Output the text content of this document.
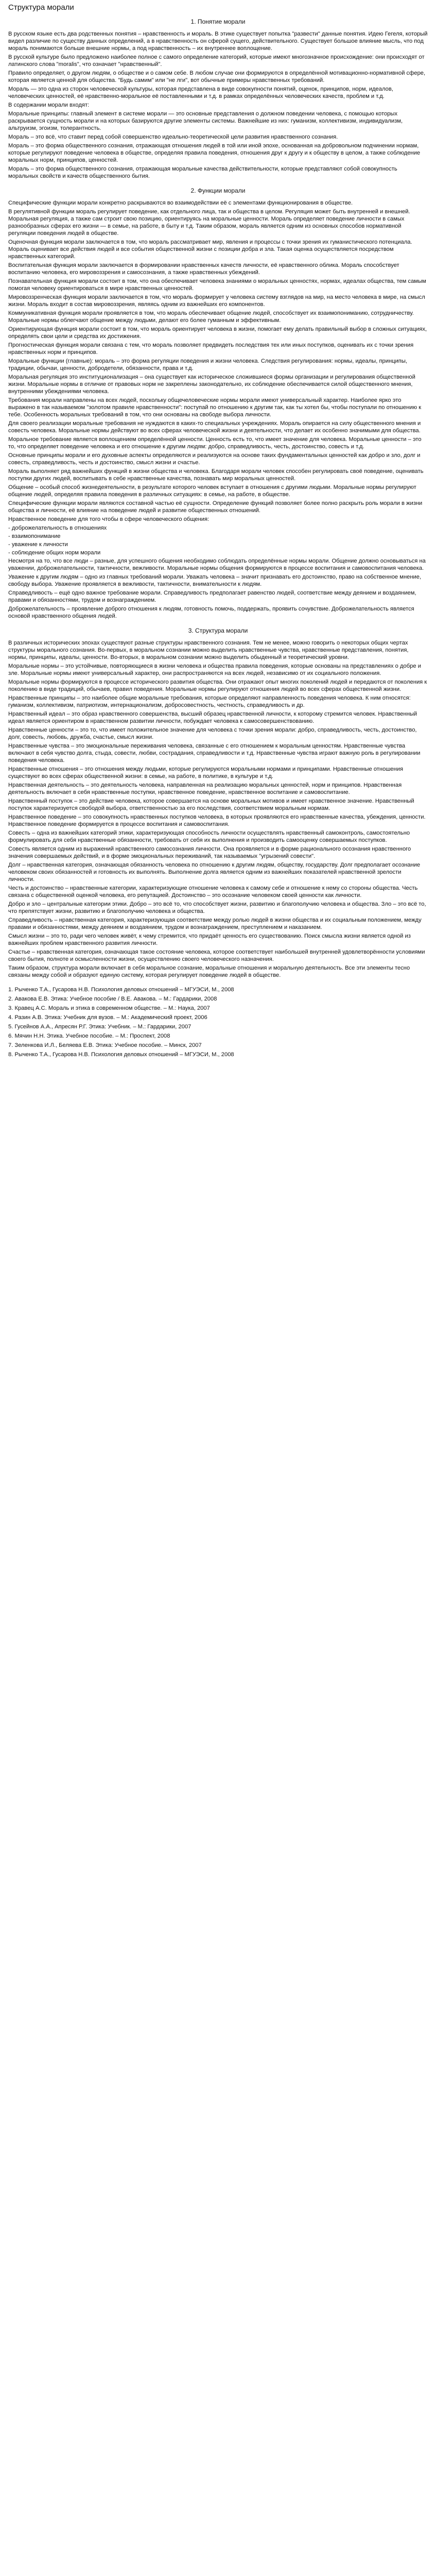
Структура морали
1. Понятие морали

В русском языке есть два родственных понятия – нравственность и мораль. В этике существует попытка "развести" данные понятия. Идею Гегеля, который видел различие по существу данных определений, а в нравственность он сферой сущего, действительного. Существует большое влияние мысль, что под мораль понимаются больше внешние нормы, а под нравственность – их внутреннее воплощение.

В русской культуре было предложено наиболее полное с самого определение категорий, которые имеют многозначное происхождение: они происходят от латинского слова "moralis", что означает "нравственный".

Правило определяет, о другом людям, о обществе и о самом себе. В любом случае они формируются в определённой мотивационно-нормативной сфере, которая является ценной для общества. "Будь самим" или "не лги", вот обычные примеры нравственных требований.

Мораль — это одна из сторон человеческой культуры, которая представлена в виде совокупности понятий, оценок, принципов, норм, идеалов, человеческих ценностей, её нравственно-моральное её поставленными и т.д. в рамках определённых человеческих качеств, проблем и т.д.

В содержании морали входят:

Моральные принципы: главный элемент в системе морали — это основные представления о должном поведении человека, с помощью которых раскрывается сущность морали и на которых базируются другие элементы системы. Важнейшие из них: гуманизм, коллективизм, индивидуализм, альтруизм, эгоизм, толерантность.

Мораль – это всё, что ставит перед собой совершенство идеально-теоретической цели развития нравственного сознания.

Мораль – это форма общественного сознания, отражающая отношения людей в той или иной эпохе, основанная на добровольном подчинении нормам, которые регулируют поведение человека в обществе, определяя правила поведения, отношения друг к другу и к обществу в целом, а также соблюдение моральных норм, принципов, ценностей.

Мораль – это форма общественного сознания, отражающая моральные качества действительности, которые представляют собой совокупность моральных свойств и качеств общественного бытия.

2. Функции морали

Специфические функции морали конкретно раскрываются во взаимодействии её с элементами функционирования в обществе.

В регулятивной функции мораль регулирует поведение, как отдельного лица, так и общества в целом. Регуляция может быть внутренней и внешней. Моральная регуляция, а также сам строит свою позицию, ориентируясь на моральные ценности. Мораль определяет поведение личности в самых разнообразных сферах его жизни — в семье, на работе, в быту и т.д. Таким образом, мораль является одним из основных способов нормативной регуляции поведения людей в обществе.

Оценочная функция морали заключается в том, что мораль рассматривает мир, явления и процессы с точки зрения их гуманистического потенциала. Мораль оценивает все действия людей и все события общественной жизни с позиции добра и зла. Такая оценка осуществляется посредством нравственных категорий.

Воспитательная функция морали заключается в формировании нравственных качеств личности, её нравственного облика. Мораль способствует воспитанию человека, его мировоззрения и самосознания, а также нравственных убеждений.

Познавательная функция морали состоит в том, что она обеспечивает человека знаниями о моральных ценностях, нормах, идеалах общества, тем самым помогая человеку ориентироваться в мире нравственных ценностей.

Мировоззренческая функция морали заключается в том, что мораль формирует у человека систему взглядов на мир, на место человека в мире, на смысл жизни. Мораль входит в состав мировоззрения, являясь одним из важнейших его компонентов.

Коммуникативная функция морали проявляется в том, что мораль обеспечивает общение людей, способствует их взаимопониманию, сотрудничеству. Моральные нормы облегчают общение между людьми, делают его более гуманным и эффективным.

Ориентирующая функция морали состоит в том, что мораль ориентирует человека в жизни, помогает ему делать правильный выбор в сложных ситуациях, определять свои цели и средства их достижения.

Прогностическая функция морали связана с тем, что мораль позволяет предвидеть последствия тех или иных поступков, оценивать их с точки зрения нравственных норм и принципов.

Моральные функции (главные): мораль – это форма регуляции поведения и жизни человека. Следствия регулирования: нормы, идеалы, принципы, традиции, обычаи, ценности, добродетели, обязанности, права и т.д.

Моральная регуляция это институционализация – она существует как историческое сложившиеся формы организации и регулирования общественной жизни. Моральные нормы в отличие от правовых норм не закреплены законодательно, их соблюдение обеспечивается силой общественного мнения, внутренними убеждениями человека.

Требования морали направлены на всех людей, поскольку общечеловеческие нормы морали имеют универсальный характер. Наиболее ярко это выражено в так называемом "золотом правиле нравственности": поступай по отношению к другим так, как ты хотел бы, чтобы поступали по отношению к тебе. Особенность моральных требований в том, что они основаны на свободе выбора личности.

Для своего реализации моральные требования не нуждаются в каких-то специальных учреждениях. Мораль опирается на силу общественного мнения и совесть человека. Моральные нормы действуют во всех сферах человеческой жизни и деятельности, что делает их особенно значимыми для общества.

Моральное требование является воплощением определённой ценности. Ценность есть то, что имеет значение для человека. Моральные ценности – это то, что определяет поведение человека и его отношение к другим людям: добро, справедливость, честь, достоинство, совесть и т.д.

Основные принципы морали и его духовные аспекты определяются и реализуются на основе таких фундаментальных ценностей как добро и зло, долг и совесть, справедливость, честь и достоинство, смысл жизни и счастье.

Мораль выполняет ряд важнейших функций в жизни общества и человека. Благодаря морали человек способен регулировать своё поведение, оценивать поступки других людей, воспитывать в себе нравственные качества, познавать мир моральных ценностей.

Общение – особый способ жизнедеятельности, в результате которого человек вступает в отношения с другими людьми. Моральные нормы регулируют общение людей, определяя правила поведения в различных ситуациях: в семье, на работе, в обществе.

Специфические функции морали являются составной частью её сущности. Определение функций позволяет более полно раскрыть роль морали в жизни общества и личности, её влияние на поведение людей и развитие общественных отношений.

Нравственное поведение для того чтобы в сфере человеческого общения:

- доброжелательность в отношениях

- взаимопонимание

- уважение к личности

- соблюдение общих норм морали

Несмотря на то, что все люди – разные, для успешного общения необходимо соблюдать определённые нормы морали. Общение должно основываться на уважении, доброжелательности, тактичности, вежливости. Моральные нормы общения формируются в процессе воспитания и самовоспитания человека.

Уважение к другим людям – одно из главных требований морали. Уважать человека – значит признавать его достоинство, право на собственное мнение, свободу выбора. Уважение проявляется в вежливости, тактичности, внимательности к людям.

Справедливость – ещё одно важное требование морали. Справедливость предполагает равенство людей, соответствие между деянием и воздаянием, правами и обязанностями, трудом и вознаграждением.

Доброжелательность – проявление доброго отношения к людям, готовность помочь, поддержать, проявить сочувствие. Доброжелательность является основой нравственного общения людей.

3. Структура морали

В различных исторических эпохах существуют разные структуры нравственного сознания. Тем не менее, можно говорить о некоторых общих чертах структуры морального сознания. Во-первых, в моральном сознании можно выделить нравственные чувства, нравственные представления, понятия, нормы, принципы, идеалы, ценности. Во-вторых, в моральном сознании можно выделить обыденный и теоретический уровни.

Моральные нормы – это устойчивые, повторяющиеся в жизни человека и общества правила поведения, которые основаны на представлениях о добре и зле. Моральные нормы имеют универсальный характер, они распространяются на всех людей, независимо от их социального положения.

Моральные нормы формируются в процессе исторического развития общества. Они отражают опыт многих поколений людей и передаются от поколения к поколению в виде традиций, обычаев, правил поведения. Моральные нормы регулируют отношения людей во всех сферах общественной жизни.

Нравственные принципы – это наиболее общие моральные требования, которые определяют направленность поведения человека. К ним относятся: гуманизм, коллективизм, патриотизм, интернационализм, добросовестность, честность, справедливость и др.

Нравственный идеал – это образ нравственного совершенства, высший образец нравственной личности, к которому стремится человек. Нравственный идеал является ориентиром в нравственном развитии личности, побуждает человека к самосовершенствованию.

Нравственные ценности – это то, что имеет положительное значение для человека с точки зрения морали: добро, справедливость, честь, достоинство, долг, совесть, любовь, дружба, счастье, смысл жизни.

Нравственные чувства – это эмоциональные переживания человека, связанные с его отношением к моральным ценностям. Нравственные чувства включают в себя чувство долга, стыда, совести, любви, сострадания, справедливости и т.д. Нравственные чувства играют важную роль в регулировании поведения человека.

Нравственные отношения – это отношения между людьми, которые регулируются моральными нормами и принципами. Нравственные отношения существуют во всех сферах общественной жизни: в семье, на работе, в политике, в культуре и т.д.

Нравственная деятельность – это деятельность человека, направленная на реализацию моральных ценностей, норм и принципов. Нравственная деятельность включает в себя нравственные поступки, нравственное поведение, нравственное воспитание и самовоспитание.

Нравственный поступок – это действие человека, которое совершается на основе моральных мотивов и имеет нравственное значение. Нравственный поступок характеризуется свободой выбора, ответственностью за его последствия, соответствием моральным нормам.

Нравственное поведение – это совокупность нравственных поступков человека, в которых проявляются его нравственные качества, убеждения, ценности. Нравственное поведение формируется в процессе воспитания и самовоспитания.

Совесть – одна из важнейших категорий этики, характеризующая способность личности осуществлять нравственный самоконтроль, самостоятельно формулировать для себя нравственные обязанности, требовать от себя их выполнения и производить самооценку совершаемых поступков.

Совесть является одним из выражений нравственного самосознания личности. Она проявляется и в форме рационального осознания нравственного значения совершаемых действий, и в форме эмоциональных переживаний, так называемых "угрызений совести".

Долг – нравственная категория, означающая обязанность человека по отношению к другим людям, обществу, государству. Долг предполагает осознание человеком своих обязанностей и готовность их выполнять. Выполнение долга является одним из важнейших показателей нравственной зрелости личности.

Честь и достоинство – нравственные категории, характеризующие отношение человека к самому себе и отношение к нему со стороны общества. Честь связана с общественной оценкой человека, его репутацией. Достоинство – это осознание человеком своей ценности как личности.

Добро и зло – центральные категории этики. Добро – это всё то, что способствует жизни, развитию и благополучию человека и общества. Зло – это всё то, что препятствует жизни, развитию и благополучию человека и общества.

Справедливость – нравственная категория, характеризующая соответствие между ролью людей в жизни общества и их социальным положением, между правами и обязанностями, между деянием и воздаянием, трудом и вознаграждением, преступлением и наказанием.

Смысл жизни – это то, ради чего человек живёт, к чему стремится, что придаёт ценность его существованию. Поиск смысла жизни является одной из важнейших проблем нравственного развития личности.

Счастье – нравственная категория, означающая такое состояние человека, которое соответствует наибольшей внутренней удовлетворённости условиями своего бытия, полноте и осмысленности жизни, осуществлению своего человеческого назначения.

Таким образом, структура морали включает в себя моральное сознание, моральные отношения и моральную деятельность. Все эти элементы тесно связаны между собой и образуют единую систему, которая регулирует поведение людей в обществе.

1. Рыченко Т.А., Гусарова Н.В. Психология деловых отношений – МГУЭСИ, М., 2008

2. Авакова Е.В. Этика: Учебное пособие / В.Е. Авакова. – М.: Гардарики, 2008

3. Кравец А.С. Мораль и этика в современном обществе. – М.: Наука, 2007

4. Разин А.В. Этика: Учебник для вузов. – М.: Академический проект, 2006

5. Гусейнов А.А., Апресян Р.Г. Этика: Учебник. – М.: Гардарики, 2007

6. Мячин Н.Н. Этика. Учебное пособие. – М.: Проспект, 2008

7. Зеленкова И.Л., Беляева Е.В. Этика: Учебное пособие. – Минск, 2007

8. Рыченко Т.А., Гусарова Н.В. Психология деловых отношений – МГУЭСИ, М., 2008
